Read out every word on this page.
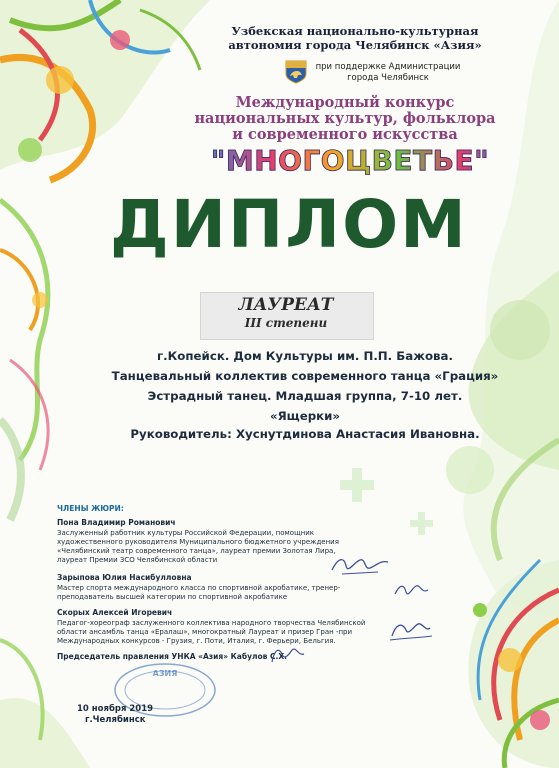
Узбекская национально-культурная
автономия города Челябинск «Азия»
при поддержке Администрации
города Челябинск
Международный конкурс
национальных культур, фольклора
и современного искусства
"МНОГОЦВЕТЬЕ"
ДИПЛОМ
ЛАУРЕАТ
III степени
г.Копейск. Дом Культуры им. П.П. Бажова.
Танцевальный коллектив современного танца «Грация»
Эстрадный танец. Младшая группа, 7-10 лет.
«Ящерки»
Руководитель: Хуснутдинова Анастасия Ивановна.
ЧЛЕНЫ ЖЮРИ:
Пона Владимир Романович
Заслуженный работник культуры Российской Федерации, помощник
художественного руководителя Муниципального бюджетного учреждения
«Челябинский театр современного танца», лауреат премии Золотая Лира,
лауреат Премии ЗСО Челябинской области
Зарыпова Юлия Насибулловна
Мастер спорта международного класса по спортивной акробатике, тренер-
преподаватель высшей категории по спортивной акробатике
Скорых Алексей Игоревич
Педагог-хореограф заслуженного коллектива народного творчества Челябинской
области ансамбль танца «Ералаш», многократный Лауреат и призер Гран -при
Международных конкурсов - Грузия, г. Поти, Италия, г. Ферьери, Бельгия.
Председатель правления УНКА «Азия» Кабулов С.Х.
АЗИЯ
10 ноября 2019
г.Челябинск
